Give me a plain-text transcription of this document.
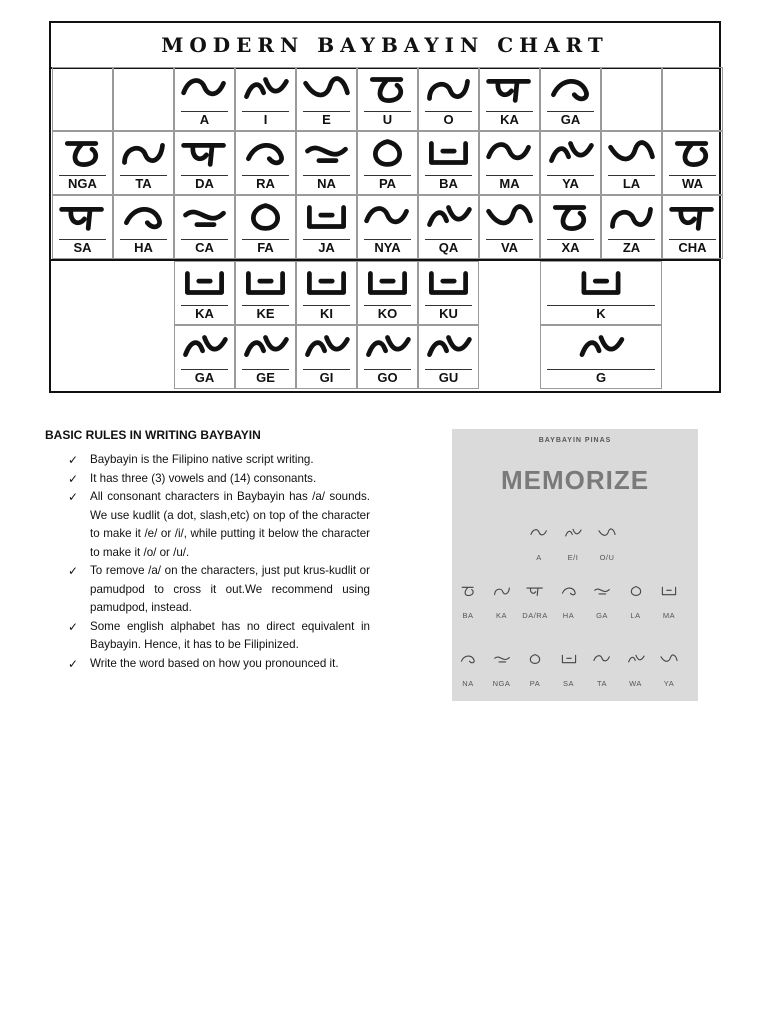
MODERN BAYBAYIN CHART
A	I	E	U	O	KA	GA
NGA	TA	DA	RA	NA	PA	BA	MA	YA	LA	WA
SA	HA	CA	FA	JA	NYA	QA	VA	XA	ZA	CHA
KA	KE	KI	KO	KU	K
GA	GE	GI	GO	GU	G
BASIC RULES IN WRITING BAYBAYIN

✓ Baybayin is the Filipino native script writing.

✓ It has three (3) vowels and (14) consonants.

✓ All consonant characters in Baybayin has /a/ sounds. We use kudlit (a dot, slash,etc) on top of the character to make it /e/ or /i/, while putting it below the character to make it /o/ or /u/.

✓ To remove /a/ on the characters, just put krus-kudlit or pamudpod to cross it out.We recommend using pamudpod, instead.

✓ Some english alphabet has no direct equivalent in Baybayin. Hence, it has to be Filipinized.

✓ Write the word based on how you pronounced it.

BAYBAYIN PINAS
MEMORIZE
A	E/I	O/U
BA	KA	DA/RA	HA	GA	LA	MA
NA	NGA	PA	SA	TA	WA	YA
